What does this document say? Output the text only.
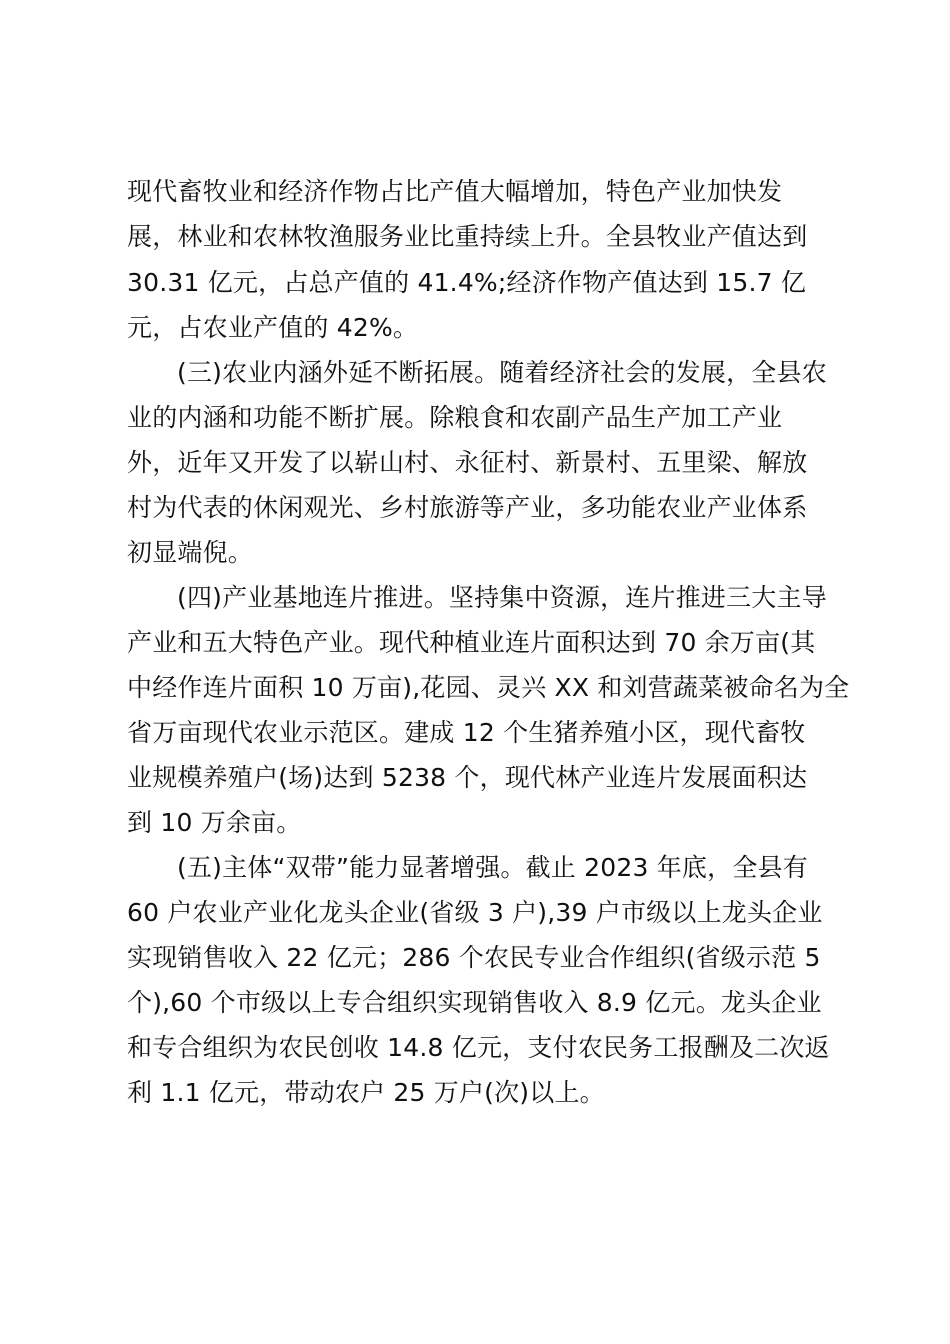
现代畜牧业和经济作物占比产值大幅增加，特色产业加快发
展，林业和农林牧渔服务业比重持续上升。全县牧业产值达到
30.31 亿元，占总产值的 41.4%;经济作物产值达到 15.7 亿
元，占农业产值的 42%。
(三)农业内涵外延不断拓展。随着经济社会的发展，全县农
业的内涵和功能不断扩展。除粮食和农副产品生产加工产业
外，近年又开发了以崭山村、永征村、新景村、五里梁、解放
村为代表的休闲观光、乡村旅游等产业，多功能农业产业体系
初显端倪。
(四)产业基地连片推进。坚持集中资源，连片推进三大主导
产业和五大特色产业。现代种植业连片面积达到 70 余万亩(其
中经作连片面积 10 万亩),花园、灵兴 XX 和刘营蔬菜被命名为全
省万亩现代农业示范区。建成 12 个生猪养殖小区，现代畜牧
业规模养殖户(场)达到 5238 个，现代林产业连片发展面积达
到 10 万余亩。
(五)主体“双带”能力显著增强。截止 2023 年底，全县有
60 户农业产业化龙头企业(省级 3 户),39 户市级以上龙头企业
实现销售收入 22 亿元；286 个农民专业合作组织(省级示范 5
个),60 个市级以上专合组织实现销售收入 8.9 亿元。龙头企业
和专合组织为农民创收 14.8 亿元，支付农民务工报酬及二次返
利 1.1 亿元，带动农户 25 万户(次)以上。
